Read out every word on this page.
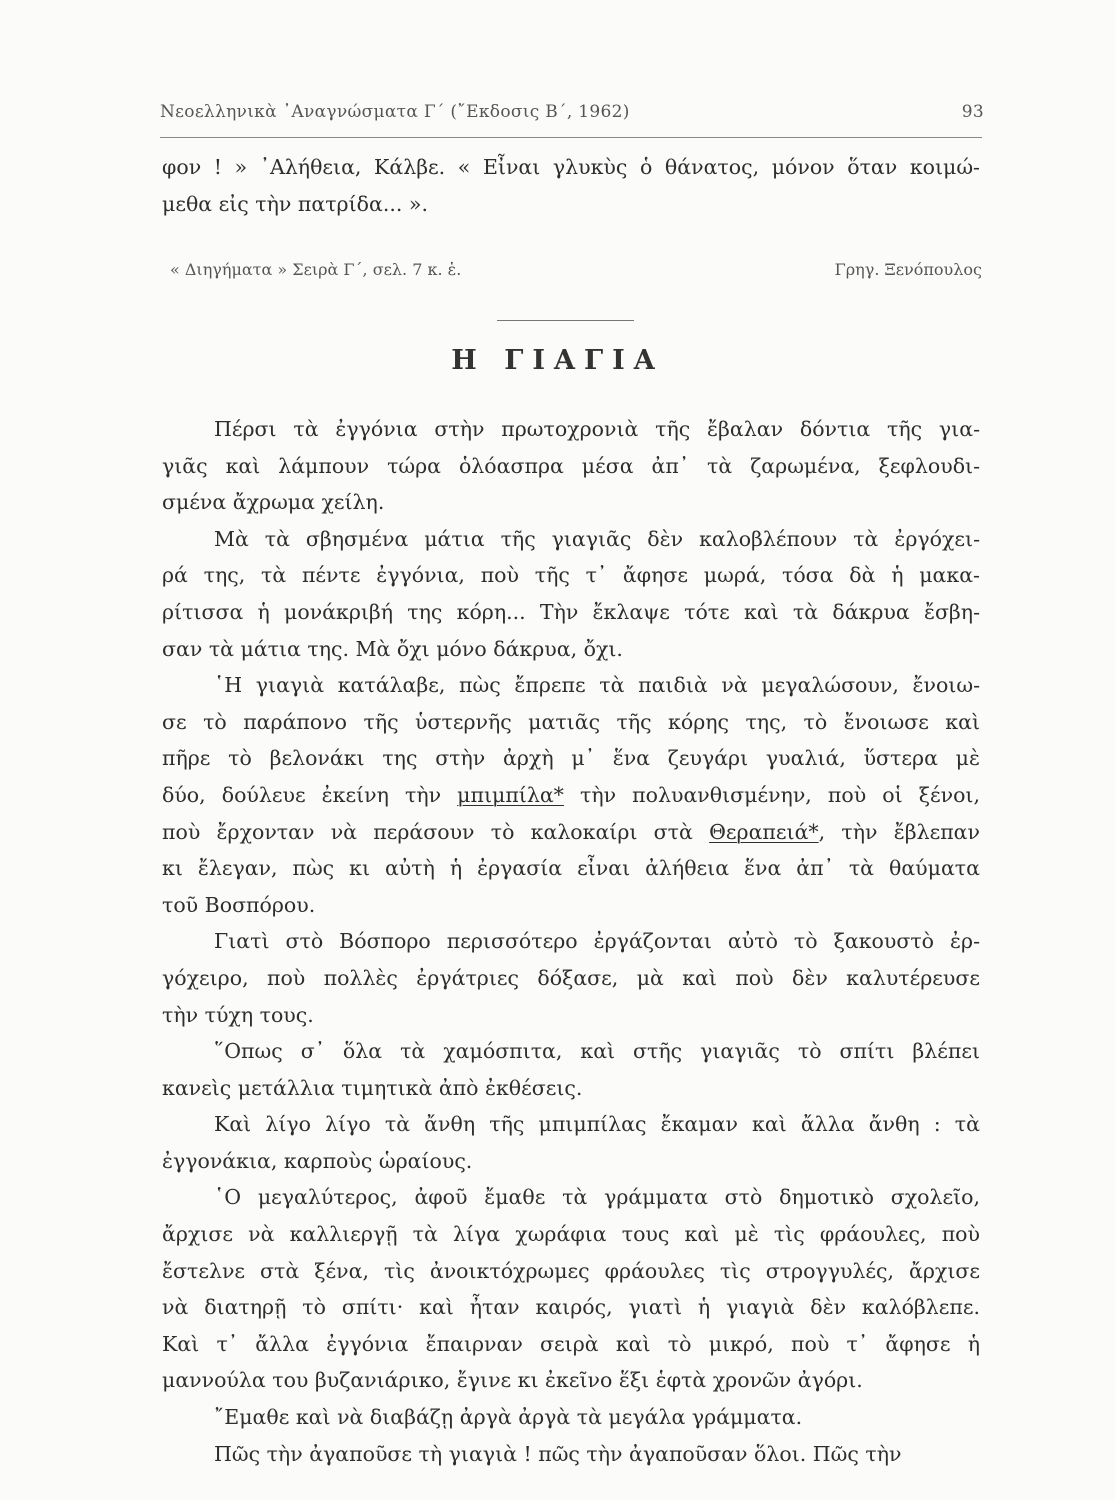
Νεοελληνικὰ ᾿Αναγνώσματα Γ΄ (῎Εκδοσις Β΄, 1962)	93

φον ! » ᾿Αλήθεια, Κάλβε. « Εἶναι γλυκὺς ὁ θάνατος, μόνον ὅταν κοιμώ-

μεθα εἰς τὴν πατρίδα... ».

« Διηγήματα » Σειρὰ Γ΄, σελ. 7 κ. ἑ.	Γρηγ. Ξενόπουλος
Η ΓΙΑΓΙΑ

Πέρσι τὰ ἐγγόνια στὴν πρωτοχρονιὰ τῆς ἔβαλαν δόντια τῆς για-

γιᾶς καὶ λάμπουν τώρα ὁλόασπρα μέσα ἀπ᾿ τὰ ζαρωμένα, ξεφλουδι-

σμένα ἄχρωμα χείλη.

Μὰ τὰ σβησμένα μάτια τῆς γιαγιᾶς δὲν καλοβλέπουν τὰ ἐργόχει-

ρά της, τὰ πέντε ἐγγόνια, ποὺ τῆς τ᾿ ἄφησε μωρά, τόσα δὰ ἡ μακα-

ρίτισσα ἡ μονάκριβή της κόρη... Τὴν ἔκλαψε τότε καὶ τὰ δάκρυα ἔσβη-

σαν τὰ μάτια της. Μὰ ὄχι μόνο δάκρυα, ὄχι.

῾Η γιαγιὰ κατάλαβε, πὼς ἔπρεπε τὰ παιδιὰ νὰ μεγαλώσουν, ἔνοιω-

σε τὸ παράπονο τῆς ὑστερνῆς ματιᾶς τῆς κόρης της, τὸ ἔνοιωσε καὶ

πῆρε τὸ βελονάκι της στὴν ἀρχὴ μ᾿ ἕνα ζευγάρι γυαλιά, ὕστερα μὲ

δύο, δούλευε ἐκείνη τὴν μπιμπίλα* τὴν πολυανθισμένην, ποὺ οἱ ξένοι,

ποὺ ἔρχονταν νὰ περάσουν τὸ καλοκαίρι στὰ Θεραπειά*, τὴν ἔβλεπαν

κι ἔλεγαν, πὼς κι αὐτὴ ἡ ἐργασία εἶναι ἀλήθεια ἕνα ἀπ᾿ τὰ θαύματα

τοῦ Βοσπόρου.

Γιατὶ στὸ Βόσπορο περισσότερο ἐργάζονται αὐτὸ τὸ ξακουστὸ ἐρ-

γόχειρο, ποὺ πολλὲς ἐργάτριες δόξασε, μὰ καὶ ποὺ δὲν καλυτέρευσε

τὴν τύχη τους.

῞Οπως σ᾿ ὅλα τὰ χαμόσπιτα, καὶ στῆς γιαγιᾶς τὸ σπίτι βλέπει

κανεὶς μετάλλια τιμητικὰ ἀπὸ ἐκθέσεις.

Καὶ λίγο λίγο τὰ ἄνθη τῆς μπιμπίλας ἔκαμαν καὶ ἄλλα ἄνθη : τὰ

ἐγγονάκια, καρποὺς ὡραίους.

῾Ο μεγαλύτερος, ἀφοῦ ἔμαθε τὰ γράμματα στὸ δημοτικὸ σχολεῖο,

ἄρχισε νὰ καλλιεργῇ τὰ λίγα χωράφια τους καὶ μὲ τὶς φράουλες, ποὺ

ἔστελνε στὰ ξένα, τὶς ἀνοικτόχρωμες φράουλες τὶς στρογγυλές, ἄρχισε

νὰ διατηρῇ τὸ σπίτι· καὶ ἦταν καιρός, γιατὶ ἡ γιαγιὰ δὲν καλόβλεπε.

Καὶ τ᾿ ἄλλα ἐγγόνια ἔπαιρναν σειρὰ καὶ τὸ μικρό, ποὺ τ᾿ ἄφησε ἡ

μαννούλα του βυζανιάρικο, ἔγινε κι ἐκεῖνο ἕξι ἑφτὰ χρονῶν ἀγόρι.

῎Εμαθε καὶ νὰ διαβάζῃ ἀργὰ ἀργὰ τὰ μεγάλα γράμματα.

Πῶς τὴν ἀγαποῦσε τὴ γιαγιὰ ! πῶς τὴν ἀγαποῦσαν ὅλοι. Πῶς τὴν
